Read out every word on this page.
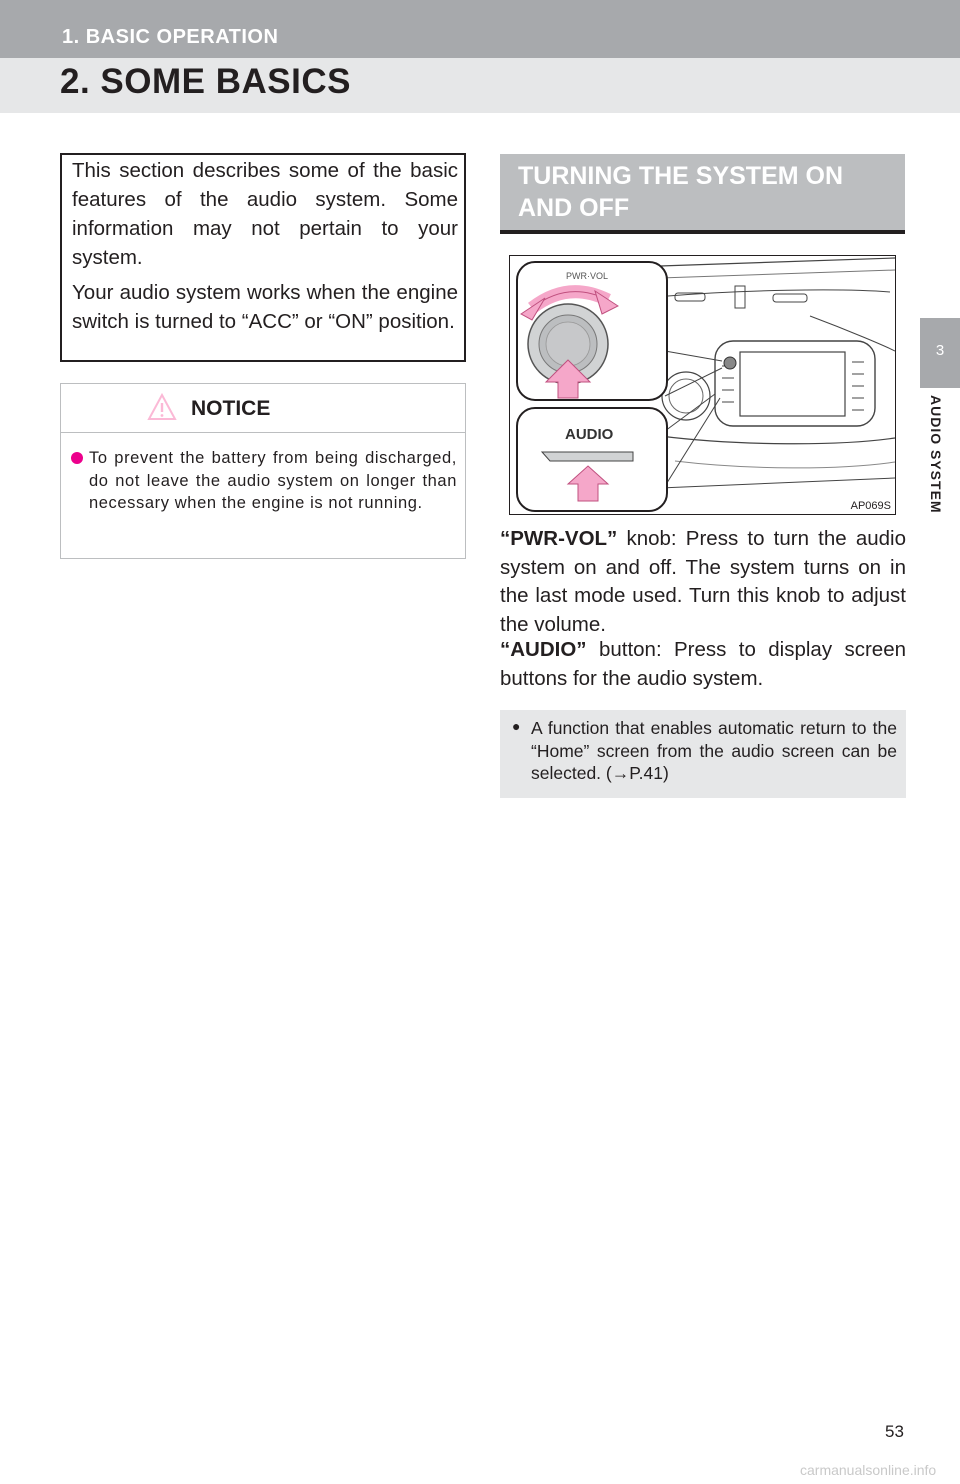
1. BASIC OPERATION
2. SOME BASICS
3
AUDIO SYSTEM

This section describes some of the basic features of the audio system. Some information may not pertain to your system.

Your audio system works when the engine switch is turned to “ACC” or “ON” position.

NOTICE
To prevent the battery from being discharged, do not leave the audio system on longer than necessary when the engine is not running.
TURNING THE SYSTEM ON AND OFF
PWR·VOL
AUDIO
AP069S

“PWR-VOL” knob: Press to turn the audio system on and off. The system turns on in the last mode used. Turn this knob to adjust the volume.

“AUDIO” button: Press to display screen buttons for the audio system.

● A function that enables automatic return to the “Home” screen from the audio screen can be selected. (→P.41)
53
carmanualsonline.info
